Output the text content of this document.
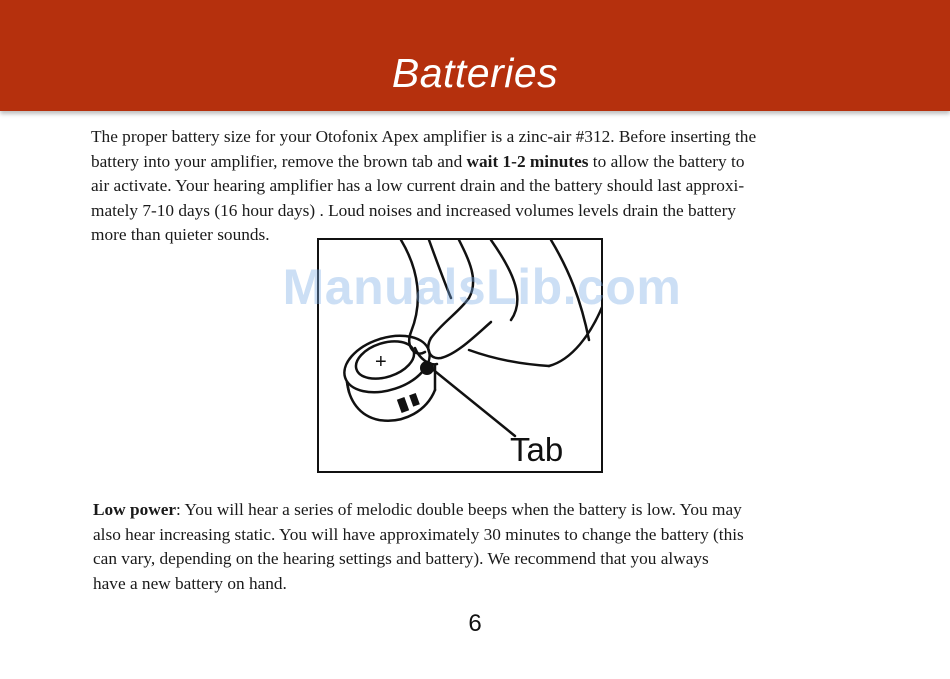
Batteries
The proper battery size for your Otofonix Apex amplifier is a zinc-air #312. Before inserting the
battery into your amplifier, remove the brown tab and wait 1-2 minutes to allow the battery to
air activate. Your hearing amplifier has a low current drain and the battery should last approxi-
mately 7-10 days (16 hour days) . Loud noises and increased volumes levels drain the battery
more than quieter sounds.
+
Tab
ManualsLib.com
Low power: You will hear a series of melodic double beeps when the battery is low. You may
also hear increasing static. You will have approximately 30 minutes to change the battery (this
can vary, depending on the hearing settings and battery). We recommend that you always
have a new battery on hand.
6
